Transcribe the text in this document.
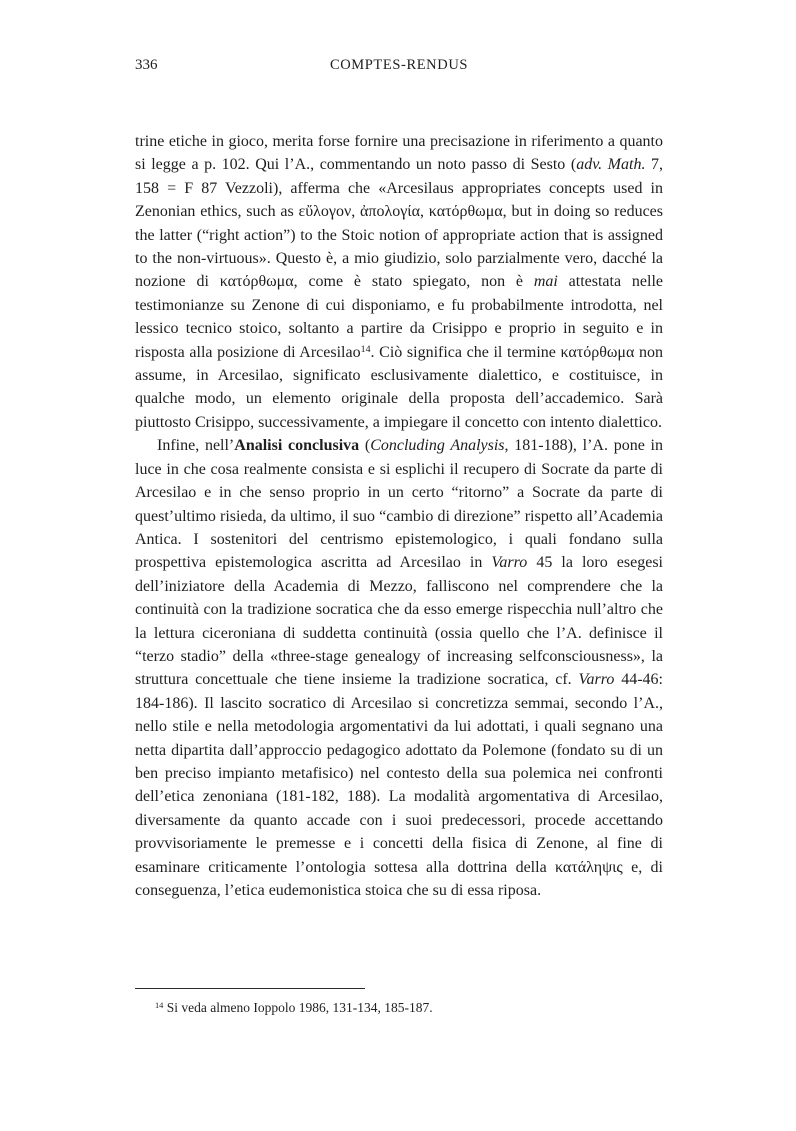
336	COMPTES-RENDUS

trine etiche in gioco, merita forse fornire una precisazione in riferimento a quanto si legge a p. 102. Qui l’A., commentando un noto passo di Sesto (adv. Math. 7, 158 = F 87 Vezzoli), afferma che «Arcesilaus appropriates concepts used in Zenonian ethics, such as εὔλογον, ἀπολογία, κατόρθωμα, but in doing so reduces the latter (“right action”) to the Stoic notion of appropriate action that is assigned to the non-virtuous». Questo è, a mio giudizio, solo parzialmente vero, dacché la nozione di κατόρθωμα, come è stato spiegato, non è mai attestata nelle testimonianze su Zenone di cui disponiamo, e fu probabilmente introdotta, nel lessico tecnico stoico, soltanto a partire da Crisippo e proprio in seguito e in risposta alla posizione di Arcesilao$^{14}$. Ciò significa che il termine κατόρθωμα non assume, in Arcesilao, significato esclusivamente dialettico, e costituisce, in qualche modo, un elemento originale della proposta dell’accademico. Sarà piuttosto Crisippo, successivamente, a impiegare il concetto con intento dialettico.

Infine, nell’Analisi conclusiva (Concluding Analysis, 181-188), l’A. pone in luce in che cosa realmente consista e si esplichi il recupero di Socrate da parte di Arcesilao e in che senso proprio in un certo “ritorno” a Socrate da parte di quest’ultimo risieda, da ultimo, il suo “cambio di direzione” rispetto all’Academia Antica. I sostenitori del centrismo epistemologico, i quali fondano sulla prospettiva epistemologica ascritta ad Arcesilao in Varro 45 la loro esegesi dell’iniziatore della Academia di Mezzo, falliscono nel comprendere che la continuità con la tradizione socratica che da esso emerge rispecchia null’altro che la lettura ciceroniana di suddetta continuità (ossia quello che l’A. definisce il “terzo stadio” della «three-stage genealogy of increasing selfconsciousness», la struttura concettuale che tiene insieme la tradizione socratica, cf. Varro 44-46: 184-186). Il lascito socratico di Arcesilao si concretizza semmai, secondo l’A., nello stile e nella metodologia argomentativi da lui adottati, i quali segnano una netta dipartita dall’approccio pedagogico adottato da Polemone (fondato su di un ben preciso impianto metafisico) nel contesto della sua polemica nei confronti dell’etica zenoniana (181-182, 188). La modalità argomentativa di Arcesilao, diversamente da quanto accade con i suoi predecessori, procede accettando provvisoriamente le premesse e i concetti della fisica di Zenone, al fine di esaminare criticamente l’ontologia sottesa alla dottrina della κατάληψις e, di conseguenza, l’etica eudemonistica stoica che su di essa riposa.

$^{14}$ Si veda almeno Ioppolo 1986, 131-134, 185-187.
